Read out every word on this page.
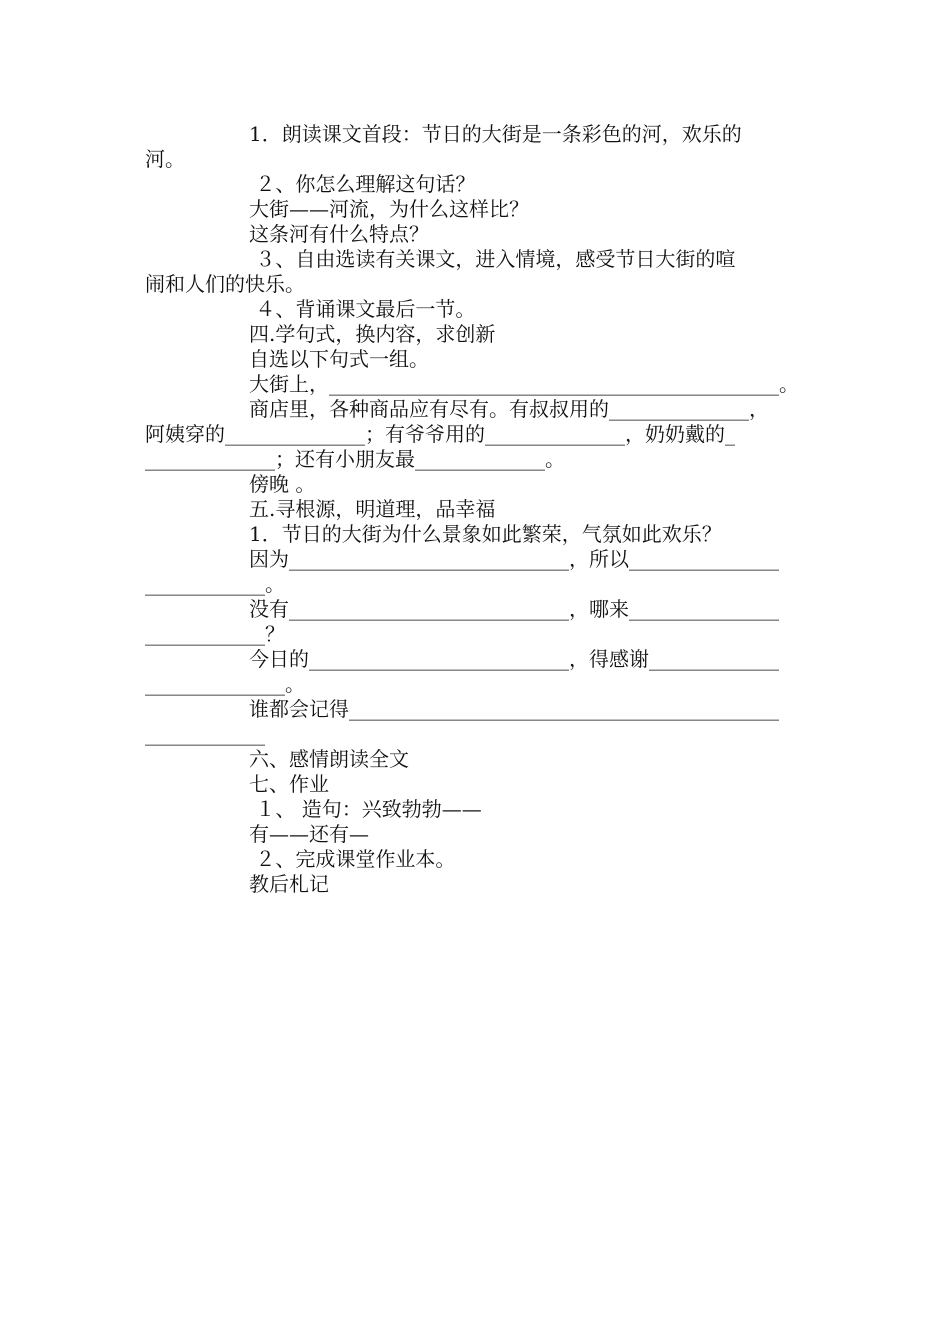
1．朗读课文首段：节日的大街是一条彩色的河，欢乐的
河。
２、你怎么理解这句话？
大街——河流，为什么这样比？
这条河有什么特点？
３、自由选读有关课文，进入情境，感受节日大街的喧
闹和人们的快乐。
４、背诵课文最后一节。
四.学句式，换内容，求创新
自选以下句式一组。
大街上，_____________________________________________。
商店里，各种商品应有尽有。有叔叔用的______________，
阿姨穿的______________；有爷爷用的______________，奶奶戴的_
_____________；还有小朋友最_____________。
傍晚 。
五.寻根源，明道理，品幸福
1．节日的大街为什么景象如此繁荣，气氛如此欢乐？
因为____________________________，所以_______________
____________。
没有____________________________，哪来_______________
____________？
今日的__________________________，得感谢_____________
______________。
谁都会记得___________________________________________
____________
六、感情朗读全文
七、作业
１、 造句：兴致勃勃——
有——还有—
２、完成课堂作业本。
教后札记
